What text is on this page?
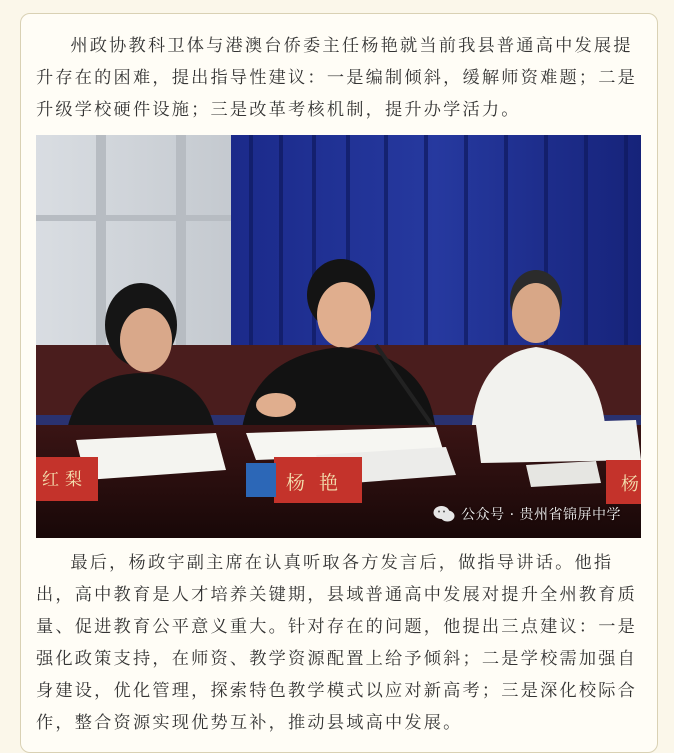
州政协教科卫体与港澳台侨委主任杨艳就当前我县普通高中发展提升存在的困难，提出指导性建议：一是编制倾斜，缓解师资难题；二是升级学校硬件设施；三是改革考核机制，提升办学活力。

红梨	杨 艳	杨
公众号 · 贵州省锦屏中学

最后，杨政宇副主席在认真听取各方发言后，做指导讲话。他指出，高中教育是人才培养关键期，县域普通高中发展对提升全州教育质量、促进教育公平意义重大。针对存在的问题，他提出三点建议：一是强化政策支持，在师资、教学资源配置上给予倾斜；二是学校需加强自身建设，优化管理，探索特色教学模式以应对新高考；三是深化校际合作，整合资源实现优势互补，推动县域高中发展。
